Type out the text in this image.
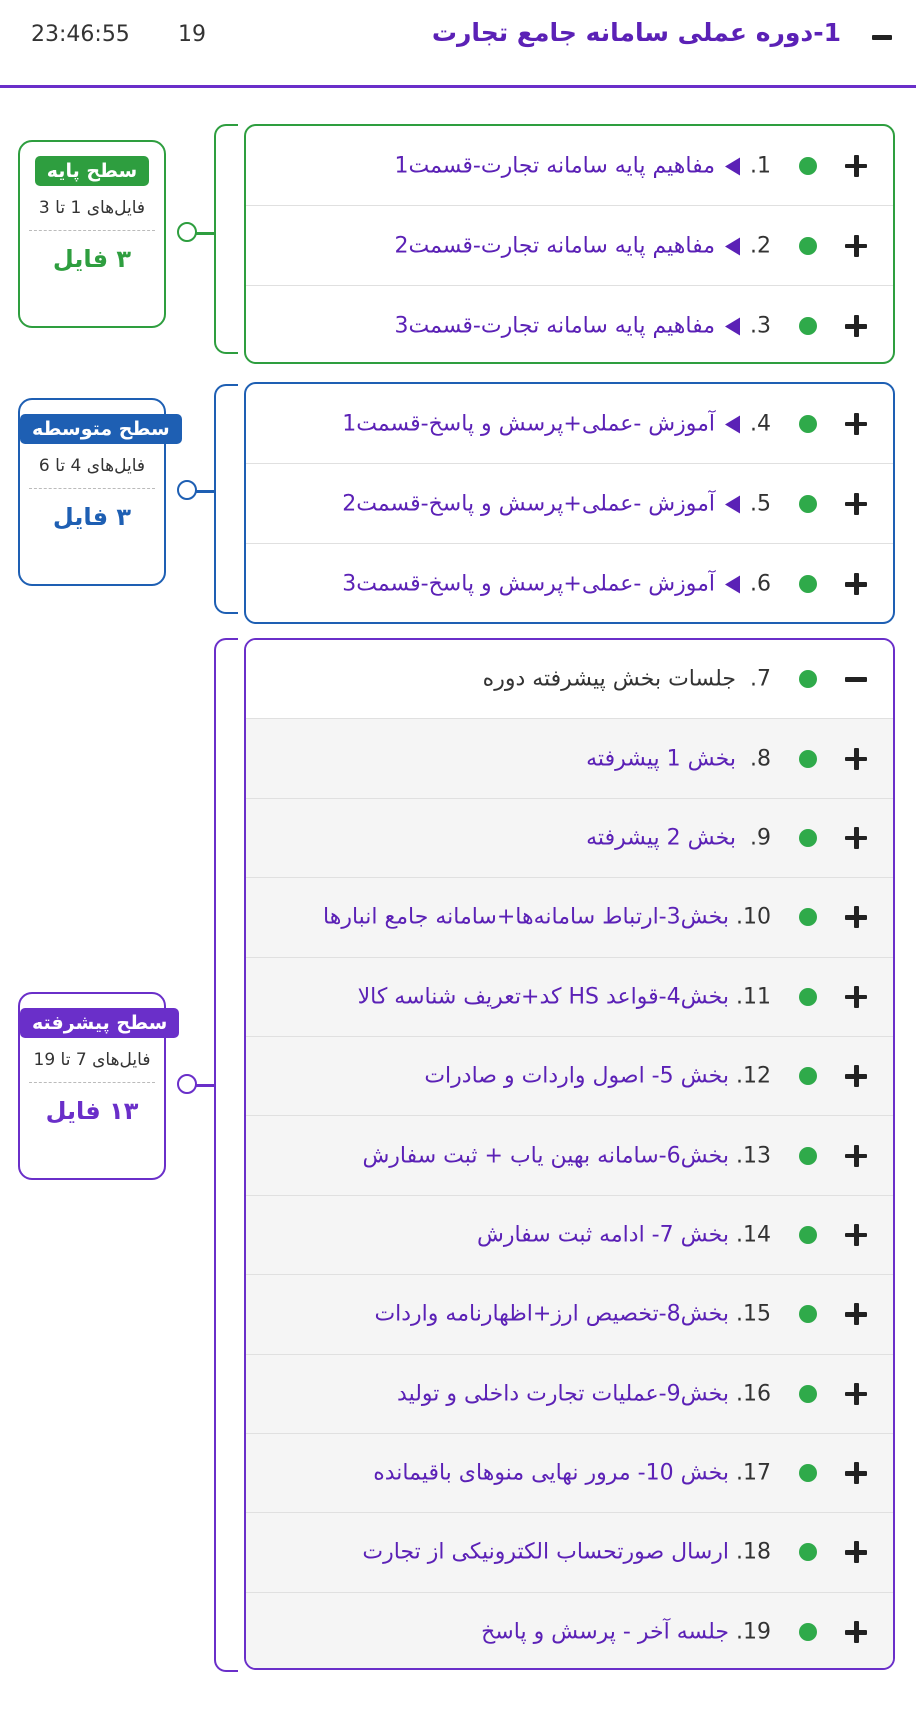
23:46:55 19	1-دوره عملی سامانه جامع تجارت
سطح پایه
فایل‌های 1 تا 3
۳ فایل
سطح متوسطه
فایل‌های 4 تا 6
۳ فایل
سطح پیشرفته
فایل‌های 7 تا 19
۱۳ فایل
1.مفاهیم پایه سامانه تجارت-قسمت1
2.مفاهیم پایه سامانه تجارت-قسمت2
3.مفاهیم پایه سامانه تجارت-قسمت3
4.آموزش -عملی+پرسش و پاسخ-قسمت1
5.آموزش -عملی+پرسش و پاسخ-قسمت2
6.آموزش -عملی+پرسش و پاسخ-قسمت3
7.  جلسات بخش پیشرفته دوره
8.  بخش 1 پیشرفته
9.  بخش 2 پیشرفته
10. بخش3-ارتباط سامانه‌ها+سامانه جامع انبارها
11. بخش4-قواعد HS کد+تعریف شناسه کالا
12. بخش 5- اصول واردات و صادرات
13. بخش6-سامانه بهین یاب + ثبت سفارش
14. بخش 7- ادامه ثبت سفارش
15. بخش8-تخصیص ارز+اظهارنامه واردات
16. بخش9-عملیات تجارت داخلی و تولید
17. بخش 10- مرور نهایی منوهای باقیمانده
18. ارسال صورتحساب الکترونیکی از تجارت
19. جلسه آخر - پرسش و پاسخ
